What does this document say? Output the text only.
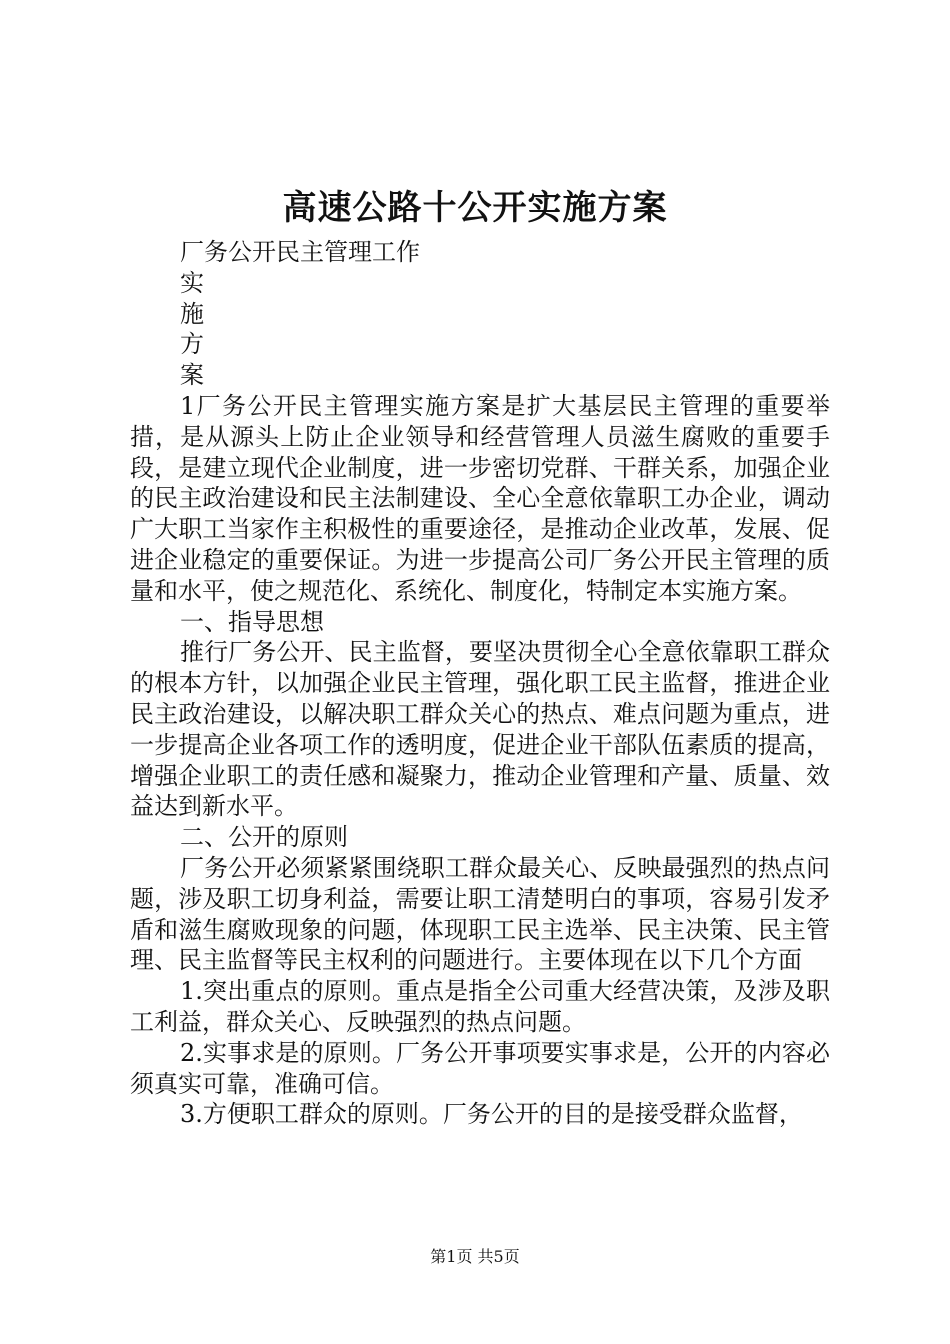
高速公路十公开实施方案

厂务公开民主管理工作

实

施

方

案

1厂务公开民主管理实施方案是扩大基层民主管理的重要举措，是从源头上防止企业领导和经营管理人员滋生腐败的重要手段，是建立现代企业制度，进一步密切党群、干群关系，加强企业的民主政治建设和民主法制建设、全心全意依靠职工办企业，调动广大职工当家作主积极性的重要途径，是推动企业改革，发展、促进企业稳定的重要保证。为进一步提高公司厂务公开民主管理的质量和水平，使之规范化、系统化、制度化，特制定本实施方案。

一、指导思想

推行厂务公开、民主监督，要坚决贯彻全心全意依靠职工群众的根本方针，以加强企业民主管理，强化职工民主监督，推进企业民主政治建设，以解决职工群众关心的热点、难点问题为重点，进一步提高企业各项工作的透明度，促进企业干部队伍素质的提高，增强企业职工的责任感和凝聚力，推动企业管理和产量、质量、效益达到新水平。

二、公开的原则

厂务公开必须紧紧围绕职工群众最关心、反映最强烈的热点问题，涉及职工切身利益，需要让职工清楚明白的事项，容易引发矛盾和滋生腐败现象的问题，体现职工民主选举、民主决策、民主管理、民主监督等民主权利的问题进行。主要体现在以下几个方面

1.突出重点的原则。重点是指全公司重大经营决策，及涉及职工利益，群众关心、反映强烈的热点问题。

2.实事求是的原则。厂务公开事项要实事求是，公开的内容必须真实可靠，准确可信。

3.方便职工群众的原则。厂务公开的目的是接受群众监督，

第1页 共5页
